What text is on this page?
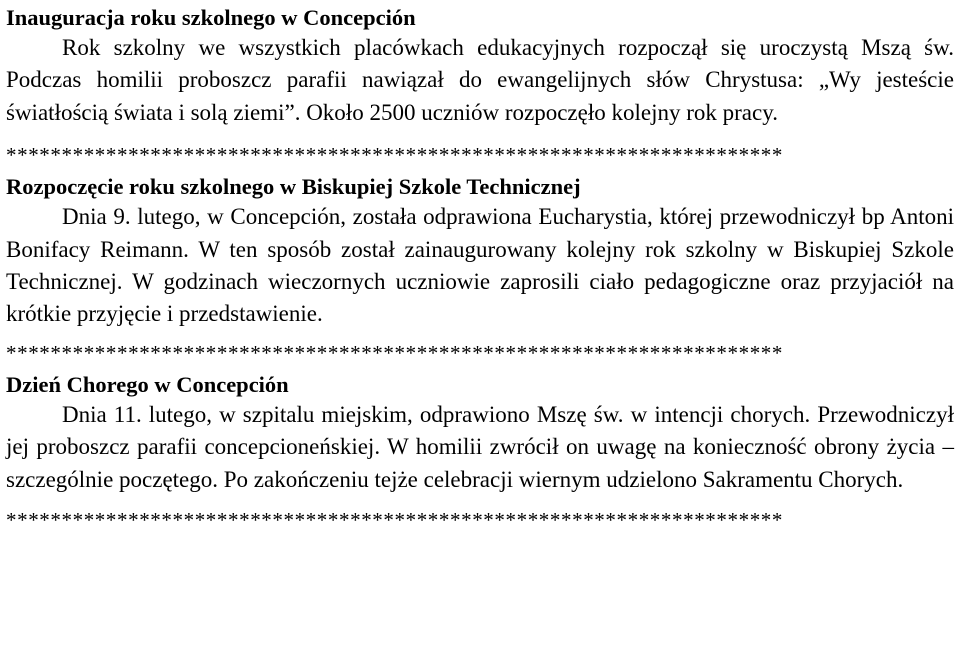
Inauguracja roku szkolnego w Concepción

Rok szkolny we wszystkich placówkach edukacyjnych rozpoczął się uroczystą Mszą św. Podczas homilii proboszcz parafii nawiązał do ewangelijnych słów Chrystusa: „Wy jesteście światłością świata i solą ziemi”. Około 2500 uczniów rozpoczęło kolejny rok pracy.

**********************************************************************
Rozpoczęcie roku szkolnego w Biskupiej Szkole Technicznej

Dnia 9. lutego, w Concepción, została odprawiona Eucharystia, której przewodniczył bp Antoni Bonifacy Reimann. W ten sposób został zainaugurowany kolejny rok szkolny w Biskupiej Szkole Technicznej. W godzinach wieczornych uczniowie zaprosili ciało pedagogiczne oraz przyjaciół na krótkie przyjęcie i przedstawienie.

**********************************************************************
Dzień Chorego w Concepción

Dnia 11. lutego, w szpitalu miejskim, odprawiono Mszę św. w intencji chorych. Przewodniczył jej proboszcz parafii concepcioneńskiej. W homilii zwrócił on uwagę na konieczność obrony życia – szczególnie poczętego. Po zakończeniu tejże celebracji wiernym udzielono Sakramentu Chorych.

**********************************************************************
